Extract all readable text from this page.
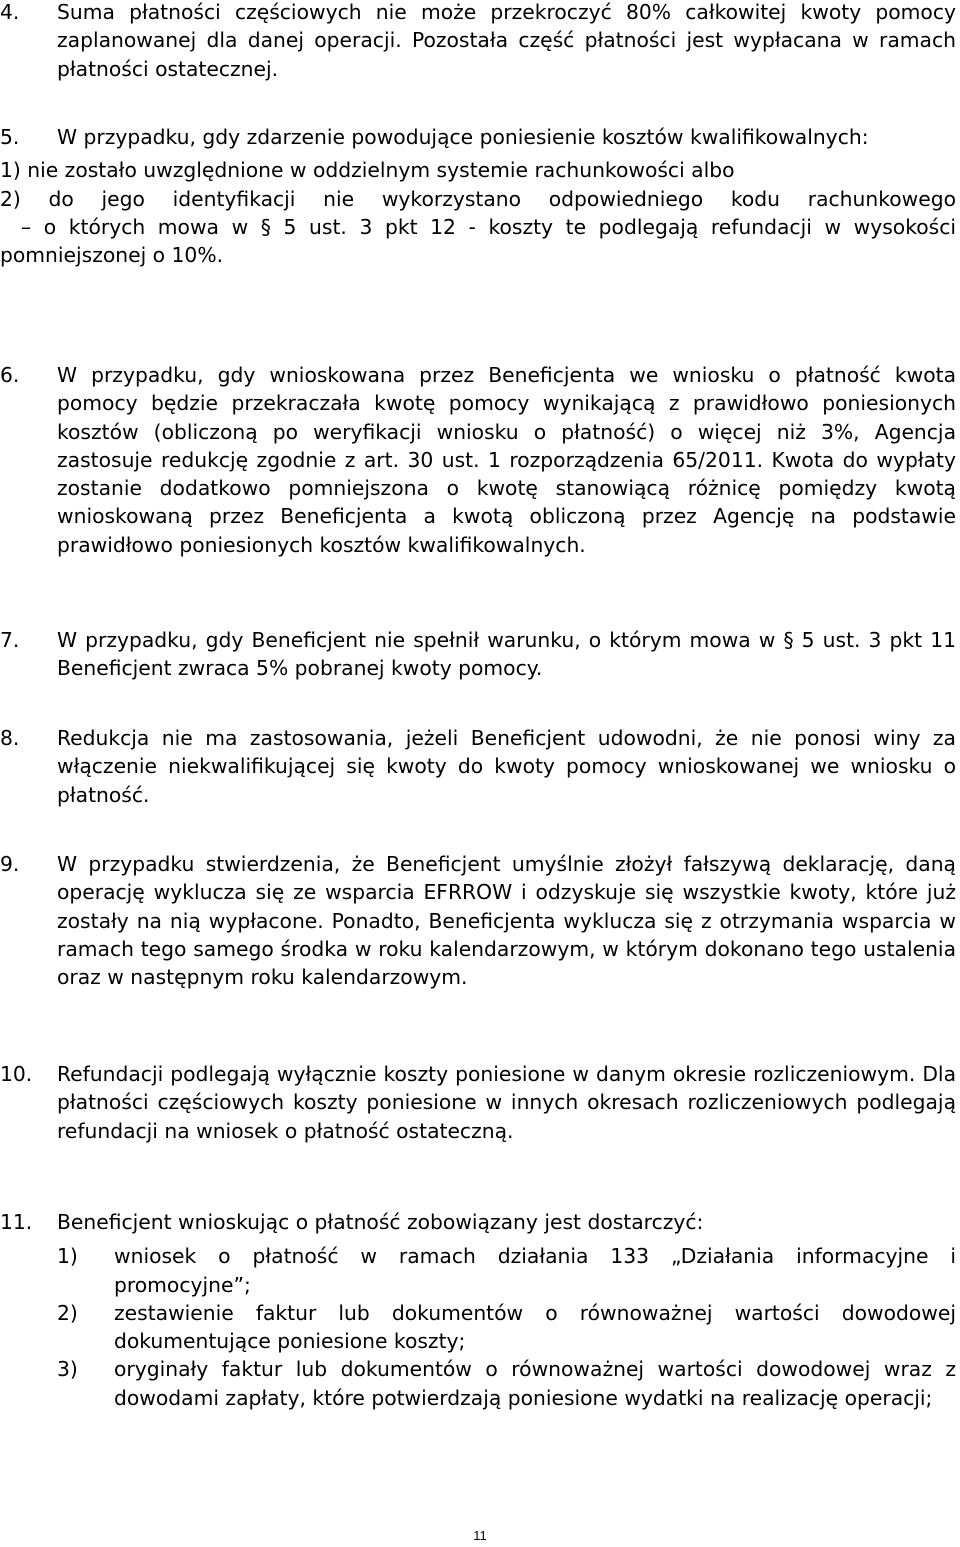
4. Suma płatności częściowych nie może przekroczyć 80% całkowitej kwoty pomocy zaplanowanej dla danej operacji. Pozostała część płatności jest wypłacana w ramach płatności ostatecznej.
5.	W przypadku, gdy zdarzenie powodujące poniesienie kosztów kwalifikowalnych:
1) nie zostało uwzględnione w oddzielnym systemie rachunkowości albo
2) do jego identyfikacji nie wykorzystano odpowiedniego kodu rachunkowego
– o których mowa w § 5 ust. 3 pkt 12 - koszty te podlegają refundacji w wysokości pomniejszonej o 10%.
6. W przypadku, gdy wnioskowana przez Beneficjenta we wniosku o płatność kwota pomocy będzie przekraczała kwotę pomocy wynikającą z prawidłowo poniesionych kosztów (obliczoną po weryfikacji wniosku o płatność) o więcej niż 3%, Agencja zastosuje redukcję zgodnie z art. 30 ust. 1 rozporządzenia 65/2011. Kwota do wypłaty zostanie dodatkowo pomniejszona o kwotę stanowiącą różnicę pomiędzy kwotą wnioskowaną przez Beneficjenta a kwotą obliczoną przez Agencję na podstawie prawidłowo poniesionych kosztów kwalifikowalnych.
7. W przypadku, gdy Beneficjent nie spełnił warunku, o którym mowa w § 5 ust. 3 pkt 11 Beneficjent zwraca 5% pobranej kwoty pomocy.
8. Redukcja nie ma zastosowania, jeżeli Beneficjent udowodni, że nie ponosi winy za włączenie niekwalifikującej się kwoty do kwoty pomocy wnioskowanej we wniosku o płatność.
9. W przypadku stwierdzenia, że Beneficjent umyślnie złożył fałszywą deklarację, daną operację wyklucza się ze wsparcia EFRROW i odzyskuje się wszystkie kwoty, które już zostały na nią wypłacone. Ponadto, Beneficjenta wyklucza się z otrzymania wsparcia w ramach tego samego środka w roku kalendarzowym, w którym dokonano tego ustalenia oraz w następnym roku kalendarzowym.
10. Refundacji podlegają wyłącznie koszty poniesione w danym okresie rozliczeniowym. Dla płatności częściowych koszty poniesione w innych okresach rozliczeniowych podlegają refundacji na wniosek o płatność ostateczną.
11. Beneficjent wnioskując o płatność zobowiązany jest dostarczyć:
1) wniosek o płatność w ramach działania 133 „Działania informacyjne i promocyjne”;
2) zestawienie faktur lub dokumentów o równoważnej wartości dowodowej dokumentujące poniesione koszty;
3) oryginały faktur lub dokumentów o równoważnej wartości dowodowej wraz z dowodami zapłaty, które potwierdzają poniesione wydatki na realizację operacji;
11
